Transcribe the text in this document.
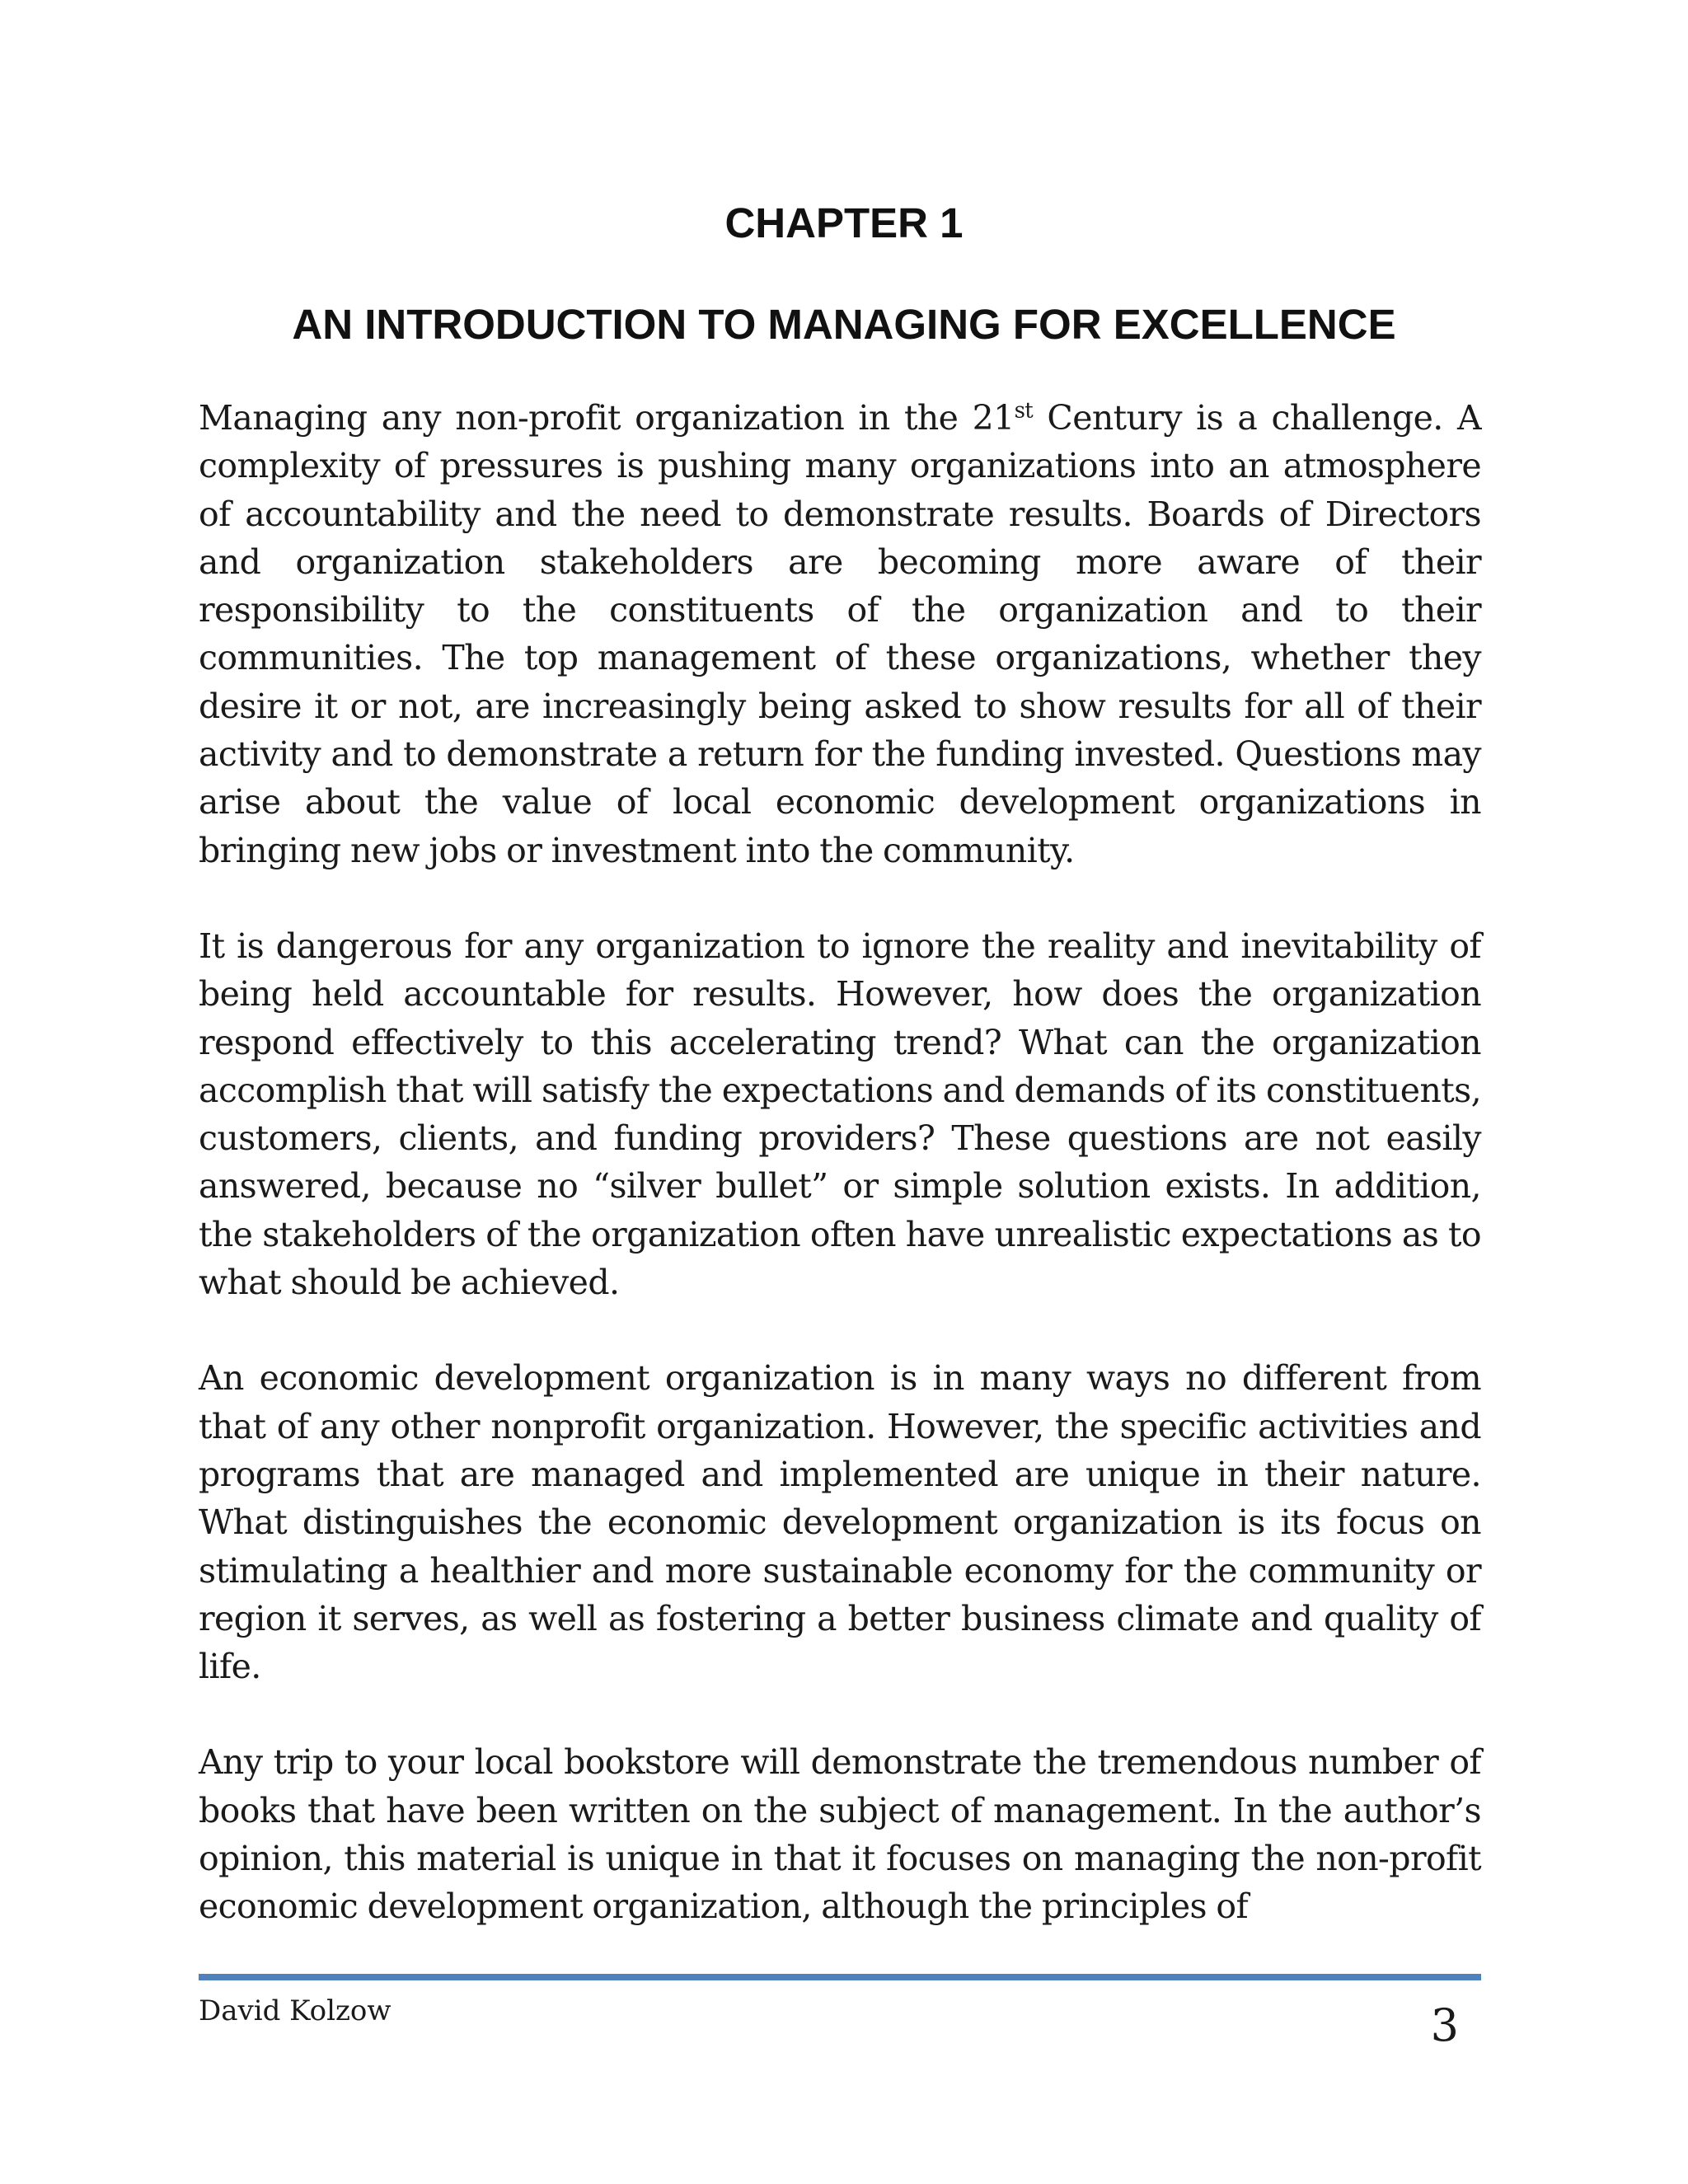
CHAPTER 1
AN INTRODUCTION TO MANAGING FOR EXCELLENCE

Managing any non-profit organization in the 21st Century is a challenge. A complexity of pressures is pushing many organizations into an atmosphere of accountability and the need to demonstrate results. Boards of Directors and organization stakeholders are becoming more aware of their responsibility to the constituents of the organization and to their communities. The top management of these organizations, whether they desire it or not, are increasingly being asked to show results for all of their activity and to demonstrate a return for the funding invested. Questions may arise about the value of local economic development organizations in bringing new jobs or investment into the community.

It is dangerous for any organization to ignore the reality and inevitability of being held accountable for results. However, how does the organization respond effectively to this accelerating trend? What can the organization accomplish that will satisfy the expectations and demands of its constituents, customers, clients, and funding providers? These questions are not easily answered, because no “silver bullet” or simple solution exists. In addition, the stakeholders of the organization often have unrealistic expectations as to what should be achieved.

An economic development organization is in many ways no different from that of any other nonprofit organization. However, the specific activities and programs that are managed and implemented are unique in their nature. What distinguishes the economic development organization is its focus on stimulating a healthier and more sustainable economy for the community or region it serves, as well as fostering a better business climate and quality of life.

Any trip to your local bookstore will demonstrate the tremendous number of books that have been written on the subject of management. In the author’s opinion, this material is unique in that it focuses on managing the non-profit economic development organization, although the principles of

David Kolzow	3
